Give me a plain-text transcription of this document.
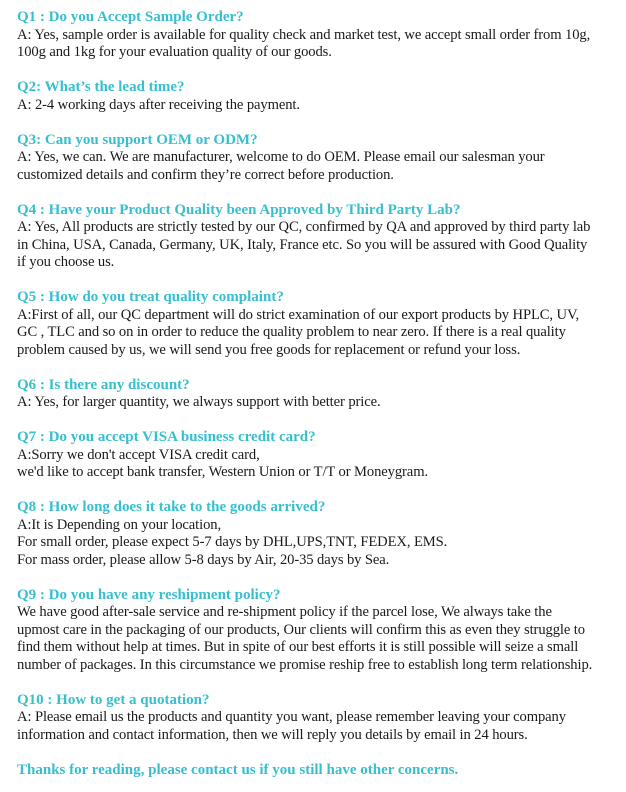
Q1 : Do you Accept Sample Order?
A: Yes, sample order is available for quality check and market test, we accept small order from 10g,
100g and 1kg for your evaluation quality of our goods.
Q2: What’s the lead time?
A: 2-4 working days after receiving the payment.
Q3: Can you support OEM or ODM?
A: Yes, we can. We are manufacturer, welcome to do OEM. Please email our salesman your
customized details and confirm they’re correct before production.
Q4 : Have your Product Quality been Approved by Third Party Lab?
A: Yes, All products are strictly tested by our QC, confirmed by QA and approved by third party lab
in China, USA, Canada, Germany, UK, Italy, France etc. So you will be assured with Good Quality
if you choose us.
Q5 : How do you treat quality complaint?
A:First of all, our QC department will do strict examination of our export products by HPLC, UV,
GC , TLC and so on in order to reduce the quality problem to near zero. If there is a real quality
problem caused by us, we will send you free goods for replacement or refund your loss.
Q6 : Is there any discount?
A: Yes, for larger quantity, we always support with better price.
Q7 : Do you accept VISA business credit card?
A:Sorry we don't accept VISA credit card,
we'd like to accept bank transfer, Western Union or T/T or Moneygram.
Q8 : How long does it take to the goods arrived?
A:It is Depending on your location,
For small order, please expect 5-7 days by DHL,UPS,TNT, FEDEX, EMS.
For mass order, please allow 5-8 days by Air, 20-35 days by Sea.
Q9 : Do you have any reshipment policy?
We have good after-sale service and re-shipment policy if the parcel lose, We always take the
upmost care in the packaging of our products, Our clients will confirm this as even they struggle to
find them without help at times. But in spite of our best efforts it is still possible will seize a small
number of packages. In this circumstance we promise reship free to establish long term relationship.
Q10 : How to get a quotation?
A: Please email us the products and quantity you want, please remember leaving your company
information and contact information, then we will reply you details by email in 24 hours.
Thanks for reading, please contact us if you still have other concerns.
